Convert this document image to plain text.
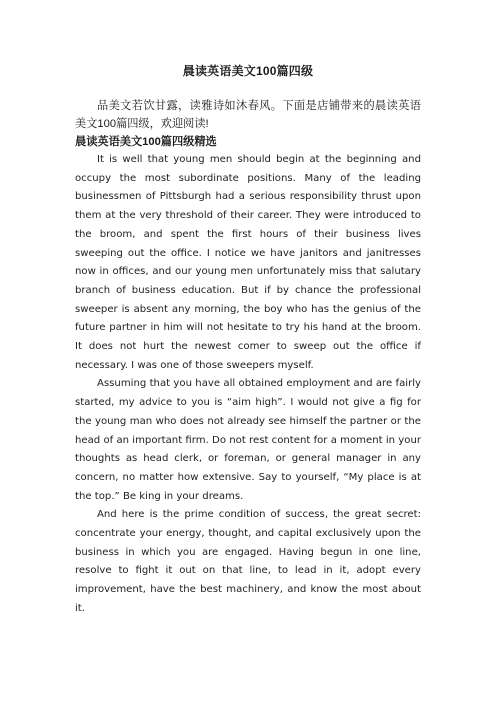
晨读英语美文100篇四级

品美文若饮甘露，读雅诗如沐春风。下面是店铺带来的晨读英语美文100篇四级，欢迎阅读!

晨读英语美文100篇四级精选

It is well that young men should begin at the beginning and occupy the most subordinate positions. Many of the leading businessmen of Pittsburgh had a serious responsibility thrust upon them at the very threshold of their career. They were introduced to the broom, and spent the first hours of their business lives sweeping out the office. I notice we have janitors and janitresses now in offices, and our young men unfortunately miss that salutary branch of business education. But if by chance the professional sweeper is absent any morning, the boy who has the genius of the future partner in him will not hesitate to try his hand at the broom. It does not hurt the newest comer to sweep out the office if necessary. I was one of those sweepers myself.

Assuming that you have all obtained employment and are fairly started, my advice to you is “aim high”. I would not give a fig for the young man who does not already see himself the partner or the head of an important firm. Do not rest content for a moment in your thoughts as head clerk, or foreman, or general manager in any concern, no matter how extensive. Say to yourself, “My place is at the top.” Be king in your dreams.

And here is the prime condition of success, the great secret: concentrate your energy, thought, and capital exclusively upon the business in which you are engaged. Having begun in one line, resolve to fight it out on that line, to lead in it, adopt every improvement, have the best machinery, and know the most about it.
